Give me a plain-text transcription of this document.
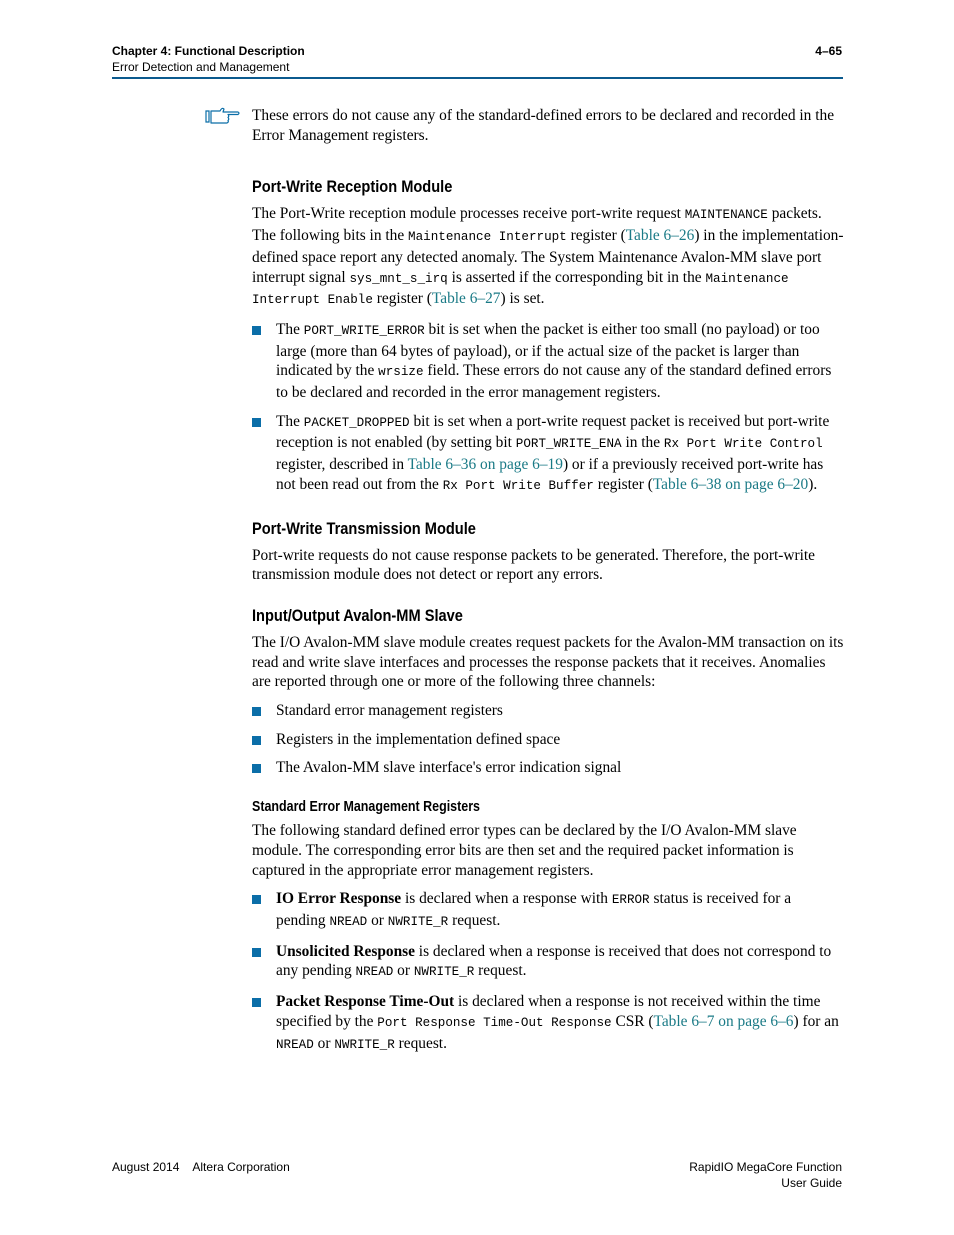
Chapter 4: Functional Description
Error Detection and Management
4–65

These errors do not cause any of the standard-defined errors to be declared and recorded in the Error Management registers.

Port-Write Reception Module

The Port-Write reception module processes receive port-write request MAINTENANCE packets. The following bits in the Maintenance Interrupt register (Table 6–26) in the implementation-defined space report any detected anomaly. The System Maintenance Avalon-MM slave port interrupt signal sys_mnt_s_irq is asserted if the corresponding bit in the Maintenance Interrupt Enable register (Table 6–27) is set.

The PORT_WRITE_ERROR bit is set when the packet is either too small (no payload) or too large (more than 64 bytes of payload), or if the actual size of the packet is larger than indicated by the wrsize field. These errors do not cause any of the standard defined errors to be declared and recorded in the error management registers.
The PACKET_DROPPED bit is set when a port-write request packet is received but port-write reception is not enabled (by setting bit PORT_WRITE_ENA in the Rx Port Write Control register, described in Table 6–36 on page 6–19) or if a previously received port-write has not been read out from the Rx Port Write Buffer register (Table 6–38 on page 6–20).
Port-Write Transmission Module

Port-write requests do not cause response packets to be generated. Therefore, the port-write transmission module does not detect or report any errors.

Input/Output Avalon-MM Slave

The I/O Avalon-MM slave module creates request packets for the Avalon-MM transaction on its read and write slave interfaces and processes the response packets that it receives. Anomalies are reported through one or more of the following three channels:

Standard error management registers
Registers in the implementation defined space
The Avalon-MM slave interface's error indication signal
Standard Error Management Registers

The following standard defined error types can be declared by the I/O Avalon-MM slave module. The corresponding error bits are then set and the required packet information is captured in the appropriate error management registers.

IO Error Response is declared when a response with ERROR status is received for a pending NREAD or NWRITE_R request.
Unsolicited Response is declared when a response is received that does not correspond to any pending NREAD or NWRITE_R request.
Packet Response Time-Out is declared when a response is not received within the time specified by the Port Response Time-Out Response CSR (Table 6–7 on page 6–6) for an NREAD or NWRITE_R request.
August 2014 Altera Corporation	RapidIO MegaCore Function
User Guide
